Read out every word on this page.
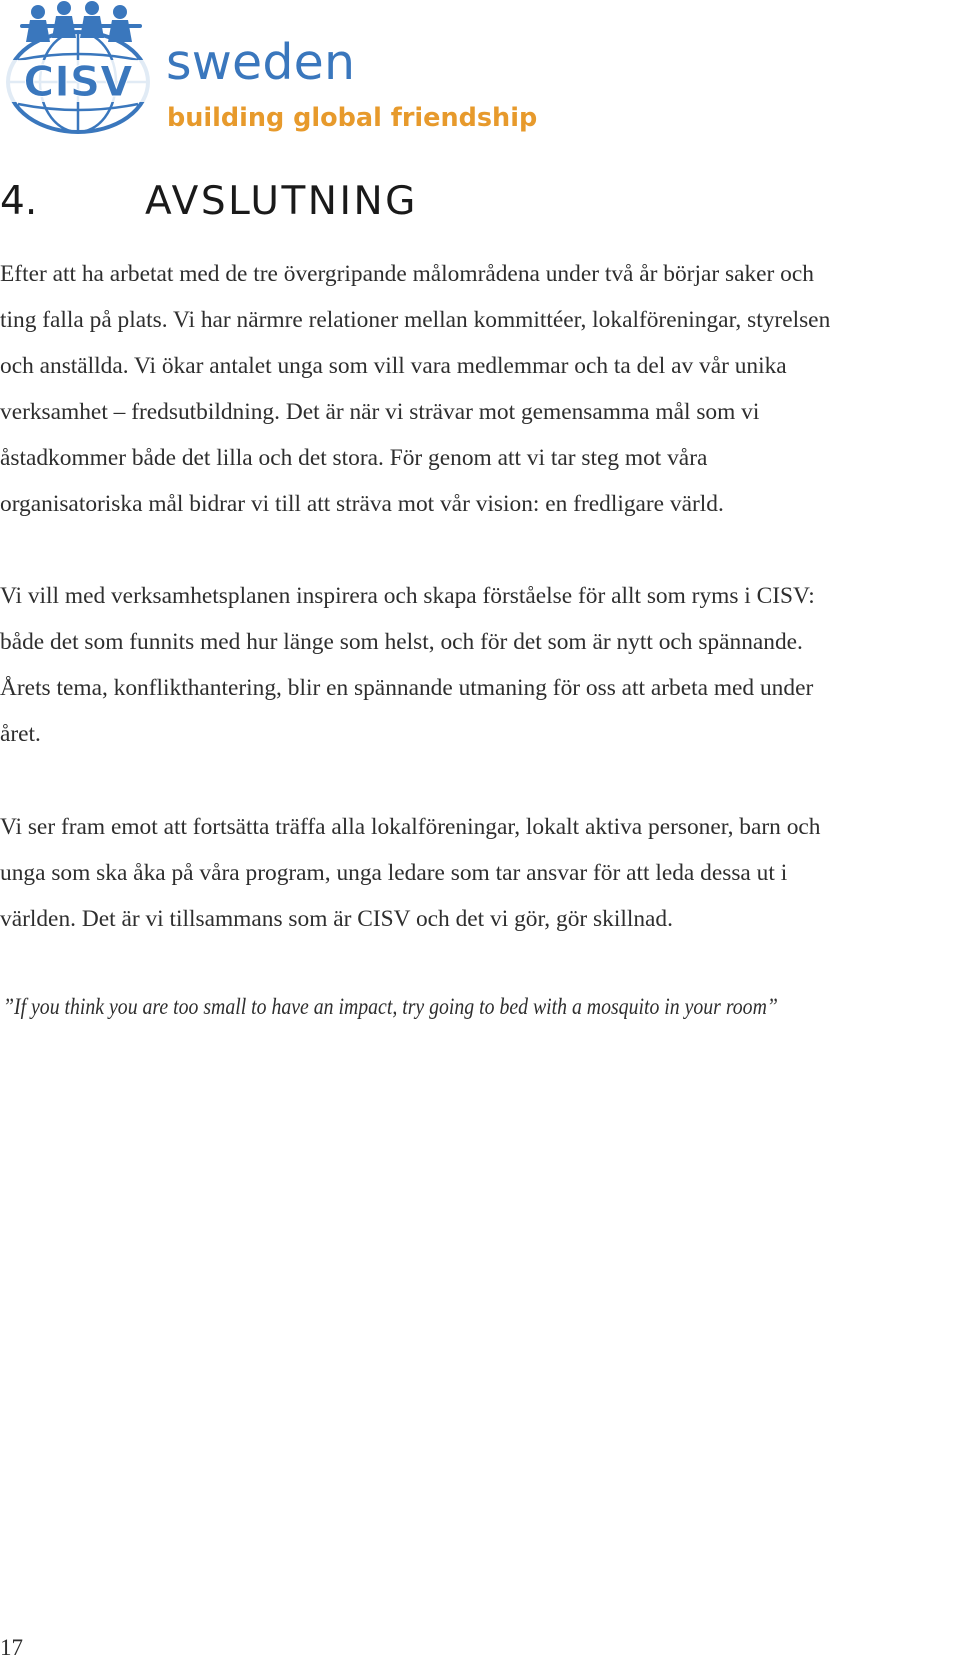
CISV sweden
building global friendship
4.	AVSLUTNING

Efter att ha arbetat med de tre övergripande målområdena under två år börjar saker och
ting falla på plats. Vi har närmre relationer mellan kommittéer, lokalföreningar, styrelsen
och anställda. Vi ökar antalet unga som vill vara medlemmar och ta del av vår unika
verksamhet – fredsutbildning. Det är när vi strävar mot gemensamma mål som vi
åstadkommer både det lilla och det stora. För genom att vi tar steg mot våra
organisatoriska mål bidrar vi till att sträva mot vår vision: en fredligare värld.

Vi vill med verksamhetsplanen inspirera och skapa förståelse för allt som ryms i CISV:
både det som funnits med hur länge som helst, och för det som är nytt och spännande.
Årets tema, konflikthantering, blir en spännande utmaning för oss att arbeta med under
året.

Vi ser fram emot att fortsätta träffa alla lokalföreningar, lokalt aktiva personer, barn och
unga som ska åka på våra program, unga ledare som tar ansvar för att leda dessa ut i
världen. Det är vi tillsammans som är CISV och det vi gör, gör skillnad.

”If you think you are too small to have an impact, try going to bed with a mosquito in your room”
17
